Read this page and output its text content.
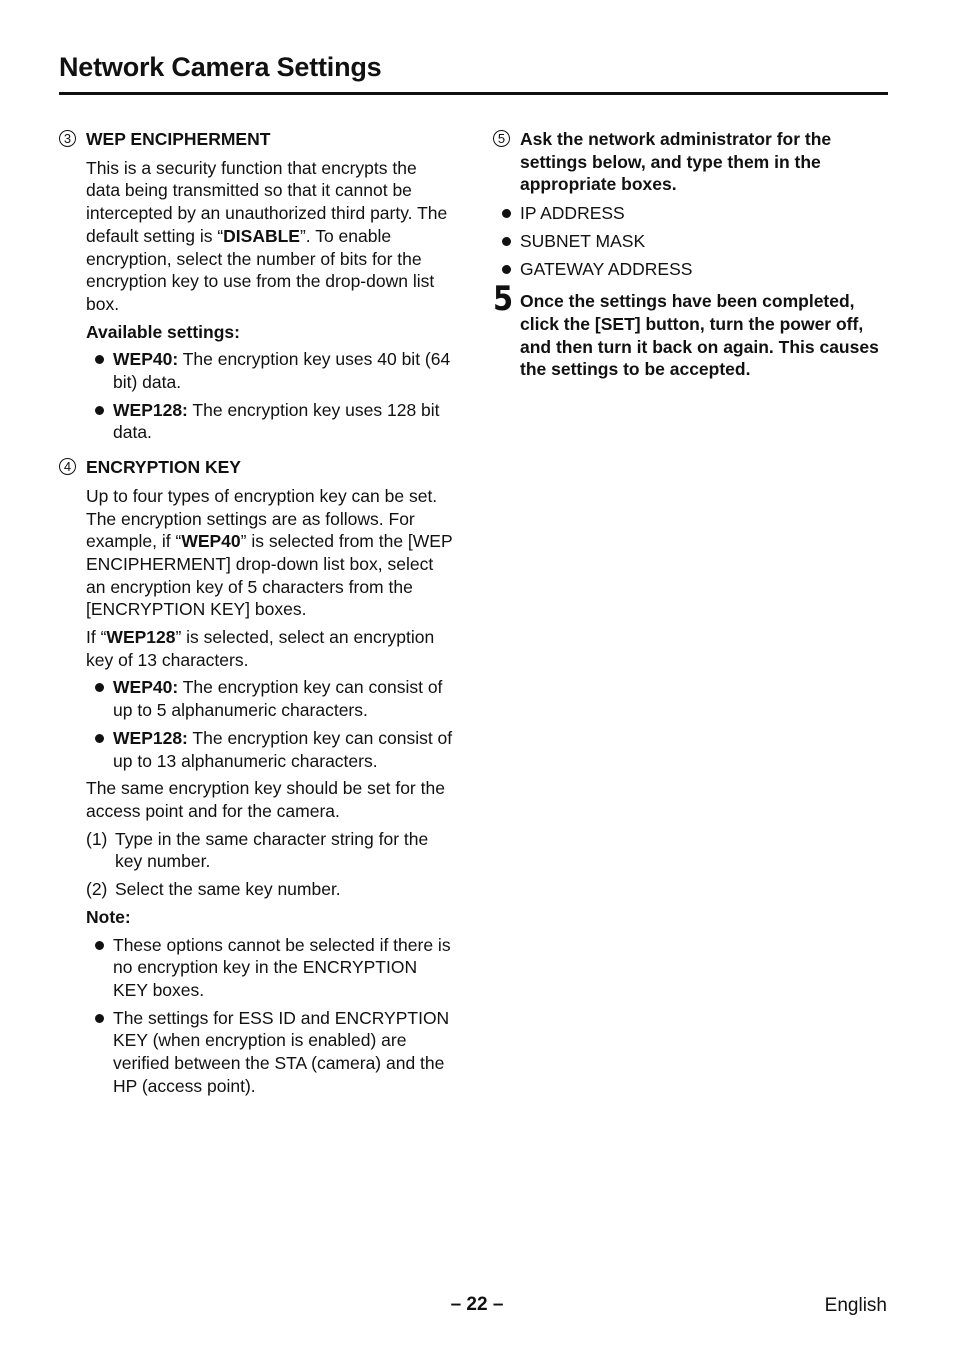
Network Camera Settings
3 WEP ENCIPHERMENT

This is a security function that encrypts the data being transmitted so that it cannot be intercepted by an unauthorized third party. The default setting is “DISABLE”. To enable encryption, select the number of bits for the encryption key to use from the drop-down list box.

Available settings:

WEP40: The encryption key uses 40 bit (64 bit) data.
WEP128: The encryption key uses 128 bit data.
4 ENCRYPTION KEY

Up to four types of encryption key can be set. The encryption settings are as follows. For example, if “WEP40” is selected from the [WEP ENCIPHERMENT] drop-down list box, select an encryption key of 5 characters from the [ENCRYPTION KEY] boxes.

If “WEP128” is selected, select an encryption key of 13 characters.

WEP40: The encryption key can consist of up to 5 alphanumeric characters.
WEP128: The encryption key can consist of up to 13 alphanumeric characters.

The same encryption key should be set for the access point and for the camera.

(1) Type in the same character string for the key number.
(2) Select the same key number.

Note:

These options cannot be selected if there is no encryption key in the ENCRYPTION KEY boxes.
The settings for ESS ID and ENCRYPTION KEY (when encryption is enabled) are verified between the STA (camera) and the HP (access point).
5 Ask the network administrator for the settings below, and type them in the appropriate boxes.
IP ADDRESS
SUBNET MASK
GATEWAY ADDRESS
5 Once the settings have been completed, click the [SET] button, turn the power off, and then turn it back on again. This causes the settings to be accepted.
– 22 –	English
